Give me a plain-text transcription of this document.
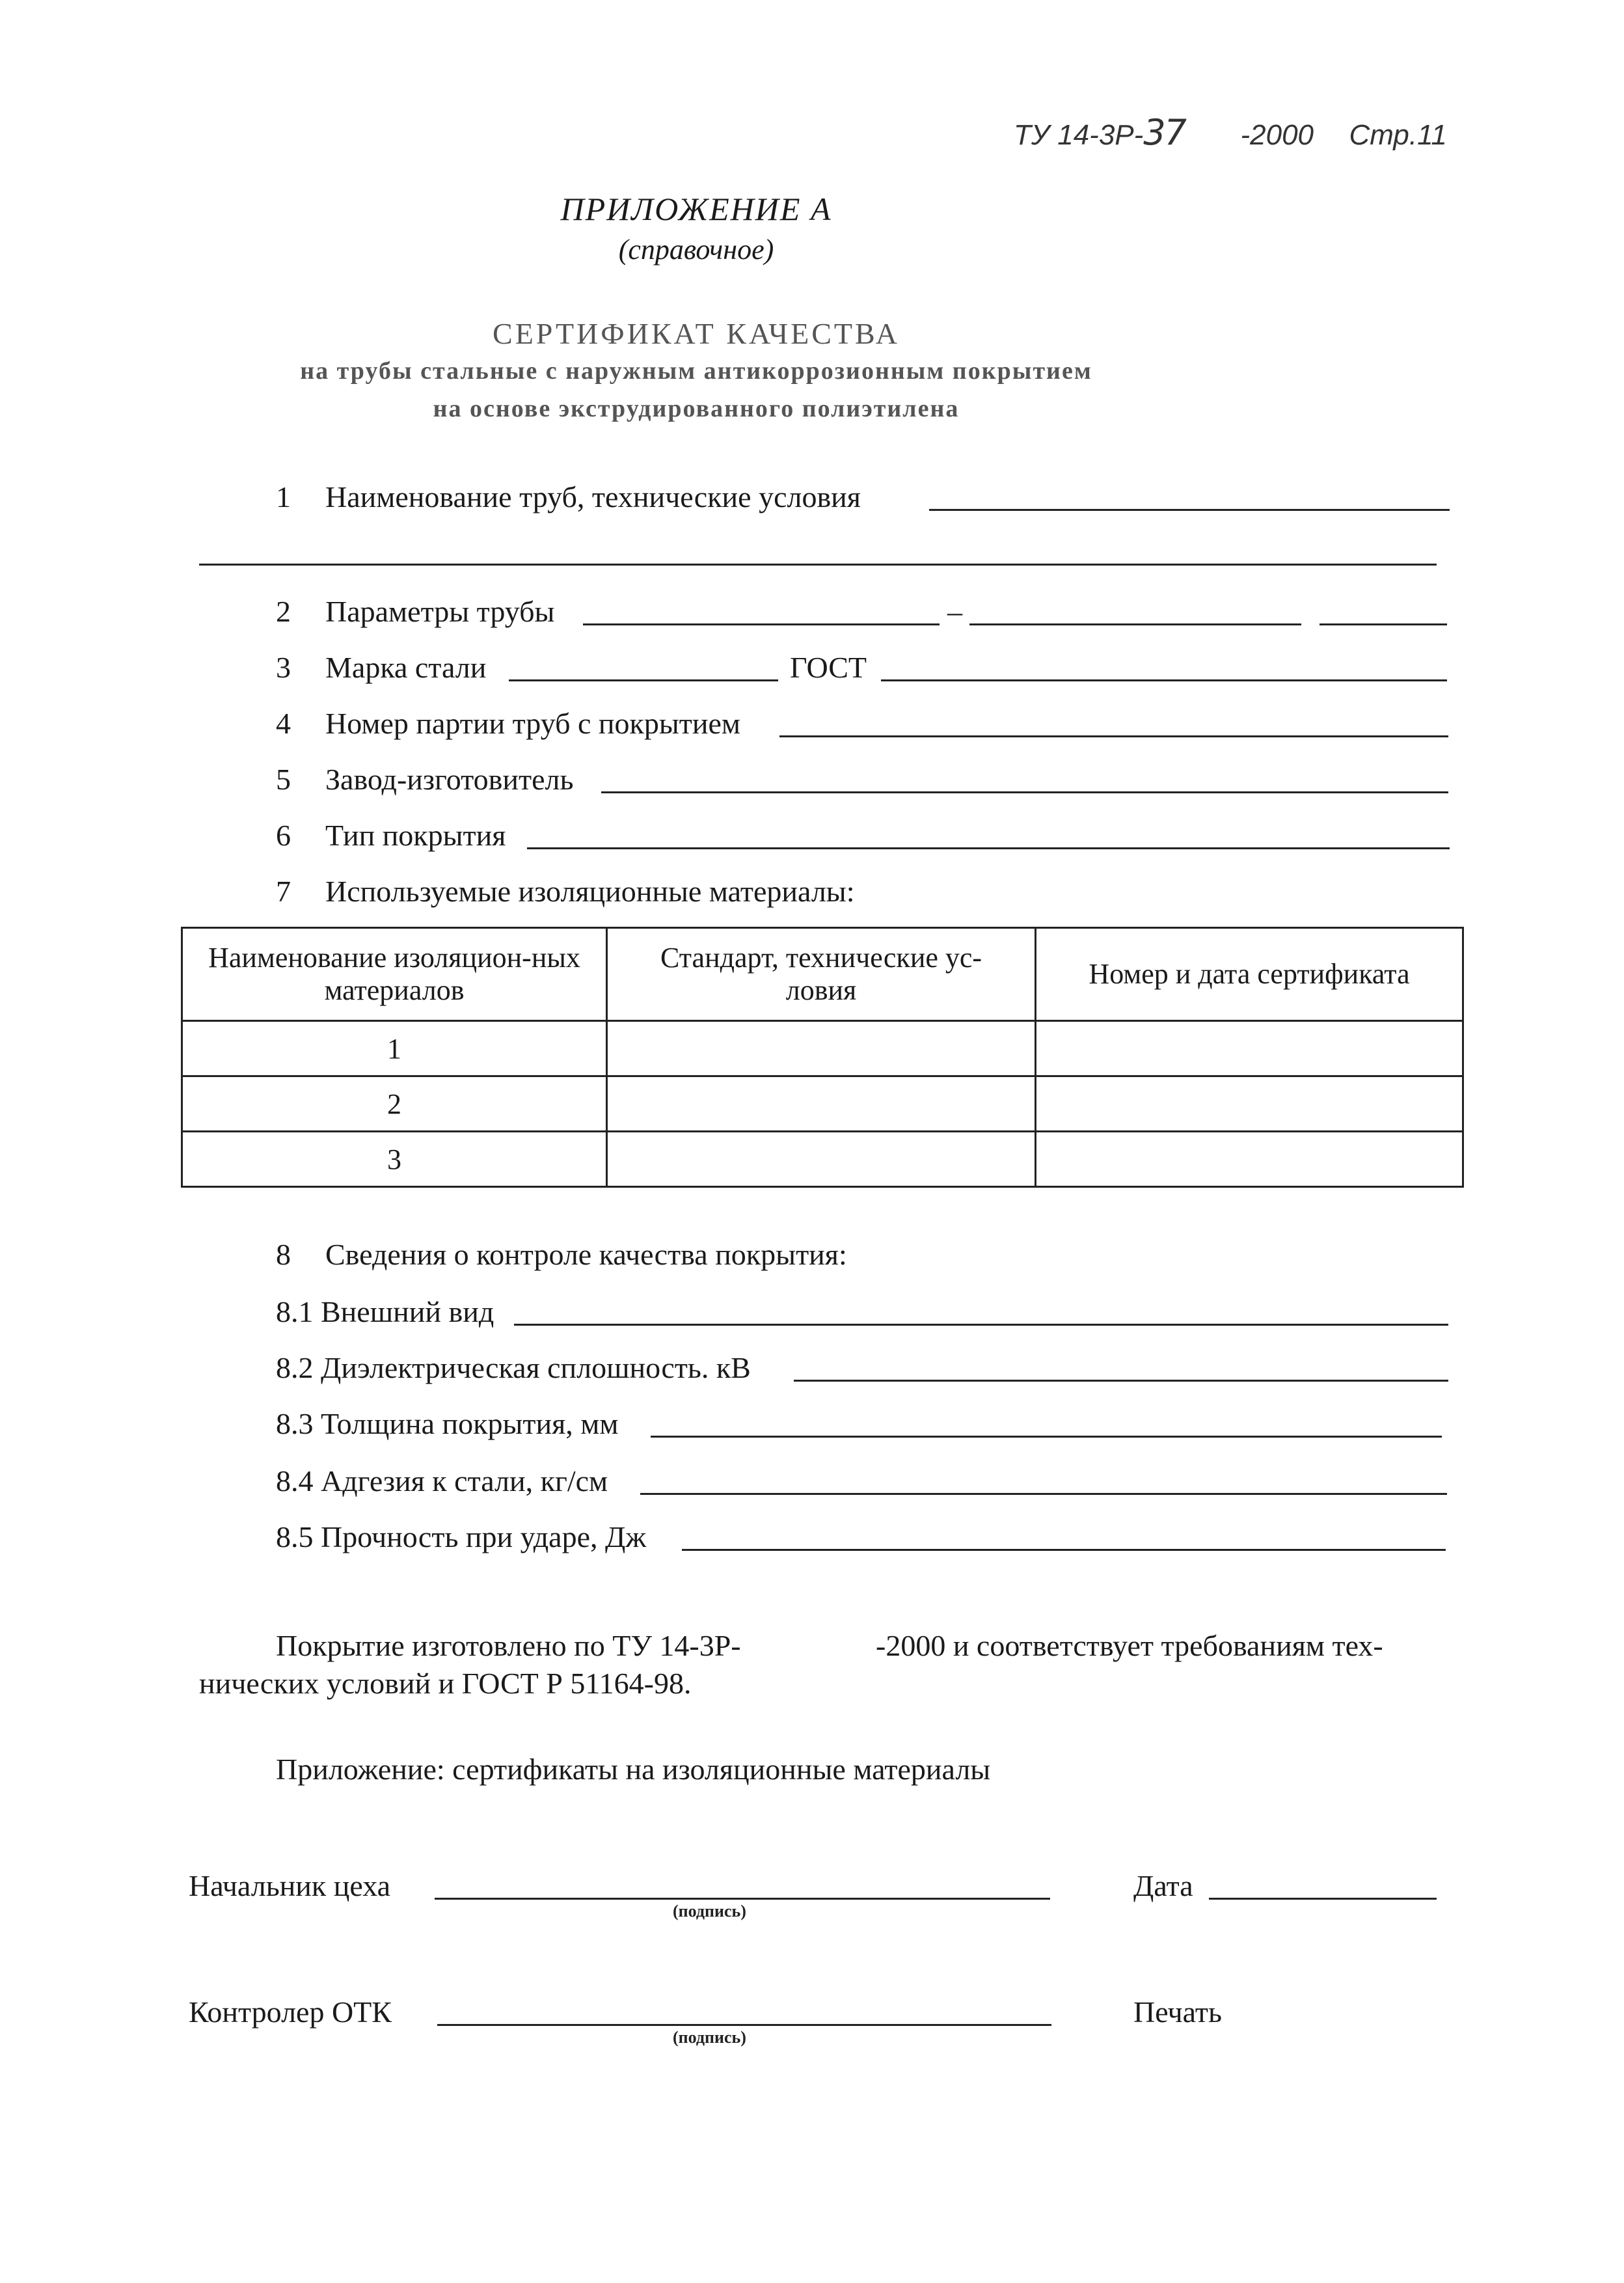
ТУ 14-3Р-37 -2000 Стр.11
ПРИЛОЖЕНИЕ А
(справочное)
СЕРТИФИКАТ КАЧЕСТВА
на трубы стальные с наружным антикоррозионным покрытием
на основе экструдированного полиэтилена
1	Наименование труб, технические условия
2	Параметры трубы	–
3	Марка стали	ГОСТ
4	Номер партии труб с покрытием
5	Завод-изготовитель
6	Тип покрытия
7	Используемые изоляционные материалы:
Наименование изоляцион-ных материалов	Стандарт, технические ус-ловия	Номер и дата сертификата

1		
2		
3		
8	Сведения о контроле качества покрытия:
8.1 Внешний вид
8.2 Диэлектрическая сплошность. кВ
8.3 Толщина покрытия, мм
8.4 Адгезия к стали, кг/см
8.5 Прочность при ударе, Дж
Покрытие изготовлено по ТУ 14-3Р-	-2000 и соответствует требованиям тех-
нических условий и ГОСТ Р 51164-98.
Приложение: сертификаты на изоляционные материалы
Начальник цеха
(подпись)
Дата
Контролер ОТК
(подпись)
Печать
